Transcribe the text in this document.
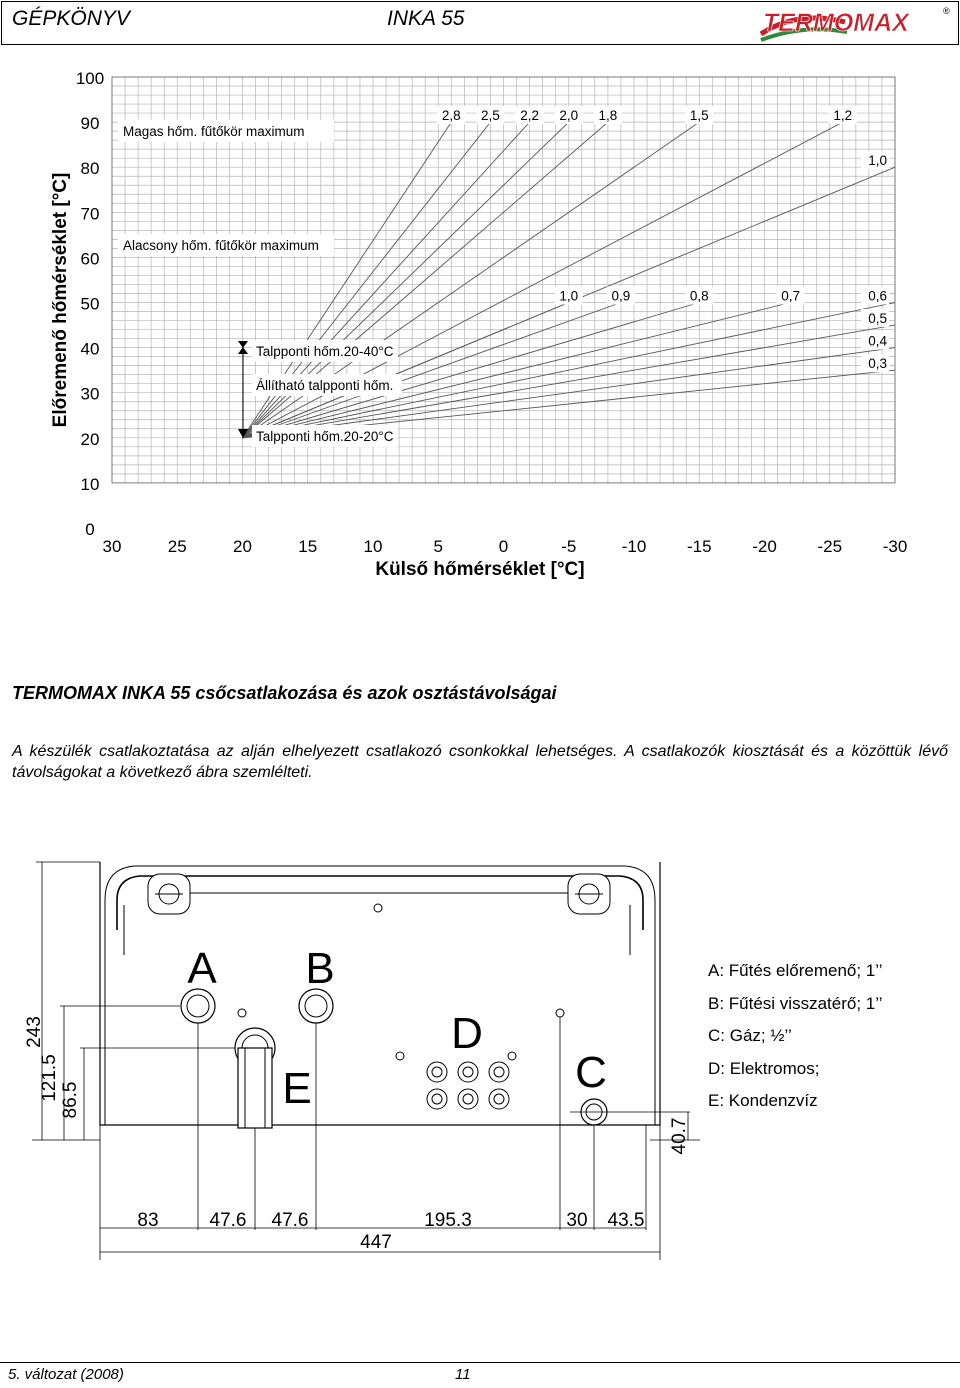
GÉPKÖNYV	INKA 55	TERMOMAX	®
0
10
20
30
40
50
60
70
80
90
100
30	25	20	15	10	5	0	-5	-10 -15 -20 -25 -30
Előremenő hőmérséklet [°C]
Külső hőmérséklet [°C]
Magas hőm. fűtőkör maximum
Alacsony hőm. fűtőkör maximum
Talpponti hőm.20-40°C
Állítható talpponti hőm.
Talpponti hőm.20-20°C
2,8 2,5 2,2 2,0 1,8	1,5	1,2
1,0
1,0 0,9	0,8	0,7	0,6
0,5
0,4
0,3
TERMOMAX INKA 55 csőcsatlakozása és azok osztástávolságai
A készülék csatlakoztatása az alján elhelyezett csatlakozó csonkokkal lehetséges. A csatlakozók kiosztását és a közöttük lévő távolságokat a következő ábra szemlélteti.
A B
D
E	C
243
121.5 86.5
40.7
83	47.6 47.6	195.3	30 43.5
447
A: Fűtés előremenő; 1’’
B: Fűtési visszatérő; 1’’
C: Gáz; ½’’
D: Elektromos;
E: Kondenzvíz
5. változat (2008)	11
